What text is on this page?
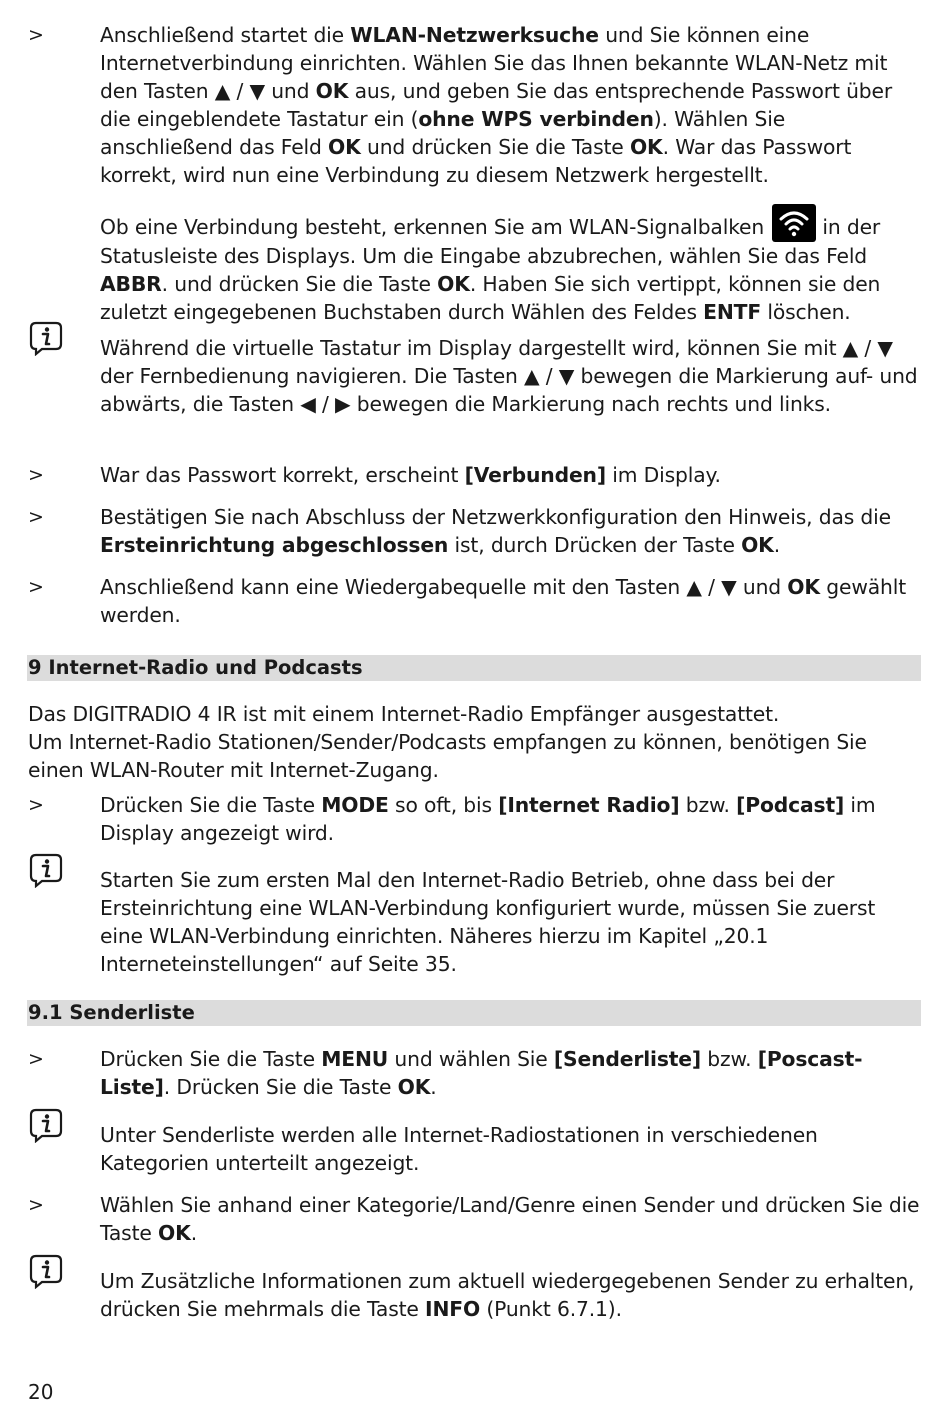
>	Anschließend startet die WLAN-Netzwerksuche und Sie können eine Internetverbindung einrichten. Wählen Sie das Ihnen bekannte WLAN-Netz mit den Tasten ▲ / ▼ und OK aus, und geben Sie das entsprechende Passwort über die eingeblendete Tastatur ein (ohne WPS verbinden). Wählen Sie anschließend das Feld OK und drücken Sie die Taste OK. War das Passwort korrekt, wird nun eine Verbindung zu diesem Netzwerk hergestellt.
Ob eine Verbindung besteht, erkennen Sie am WLAN-Signalbalken	in der Statusleiste des Displays. Um die Eingabe abzubrechen, wählen Sie das Feld ABBR. und drücken Sie die Taste OK. Haben Sie sich vertippt, können sie den zuletzt eingegebenen Buchstaben durch Wählen des Feldes ENTF löschen.
Während die virtuelle Tastatur im Display dargestellt wird, können Sie mit ▲ / ▼ der Fernbedienung navigieren. Die Tasten ▲ / ▼ bewegen die Markierung auf- und abwärts, die Tasten ◀ / ▶ bewegen die Markierung nach rechts und links.
>	War das Passwort korrekt, erscheint [Verbunden] im Display.
>	Bestätigen Sie nach Abschluss der Netzwerkkonfiguration den Hinweis, das die Ersteinrichtung abgeschlossen ist, durch Drücken der Taste OK.
>	Anschließend kann eine Wiedergabequelle mit den Tasten ▲ / ▼ und OK gewählt werden.
9 Internet-Radio und Podcasts
Das DIGITRADIO 4 IR ist mit einem Internet-Radio Empfänger ausgestattet.
Um Internet-Radio Stationen/Sender/Podcasts empfangen zu können, benötigen Sie einen WLAN-Router mit Internet-Zugang.
>	Drücken Sie die Taste MODE so oft, bis [Internet Radio] bzw. [Podcast] im Display angezeigt wird.
Starten Sie zum ersten Mal den Internet-Radio Betrieb, ohne dass bei der Ersteinrichtung eine WLAN-Verbindung konfiguriert wurde, müssen Sie zuerst eine WLAN-Verbindung einrichten. Näheres hierzu im Kapitel „20.1 Interneteinstellungen“ auf Seite 35.
9.1 Senderliste
>	Drücken Sie die Taste MENU und wählen Sie [Senderliste] bzw. [Poscast-Liste]. Drücken Sie die Taste OK.
Unter Senderliste werden alle Internet-Radiostationen in verschiedenen Kategorien unterteilt angezeigt.
>	Wählen Sie anhand einer Kategorie/Land/Genre einen Sender und drücken Sie die Taste OK.
Um Zusätzliche Informationen zum aktuell wiedergegebenen Sender zu erhalten, drücken Sie mehrmals die Taste INFO (Punkt 6.7.1).
20
